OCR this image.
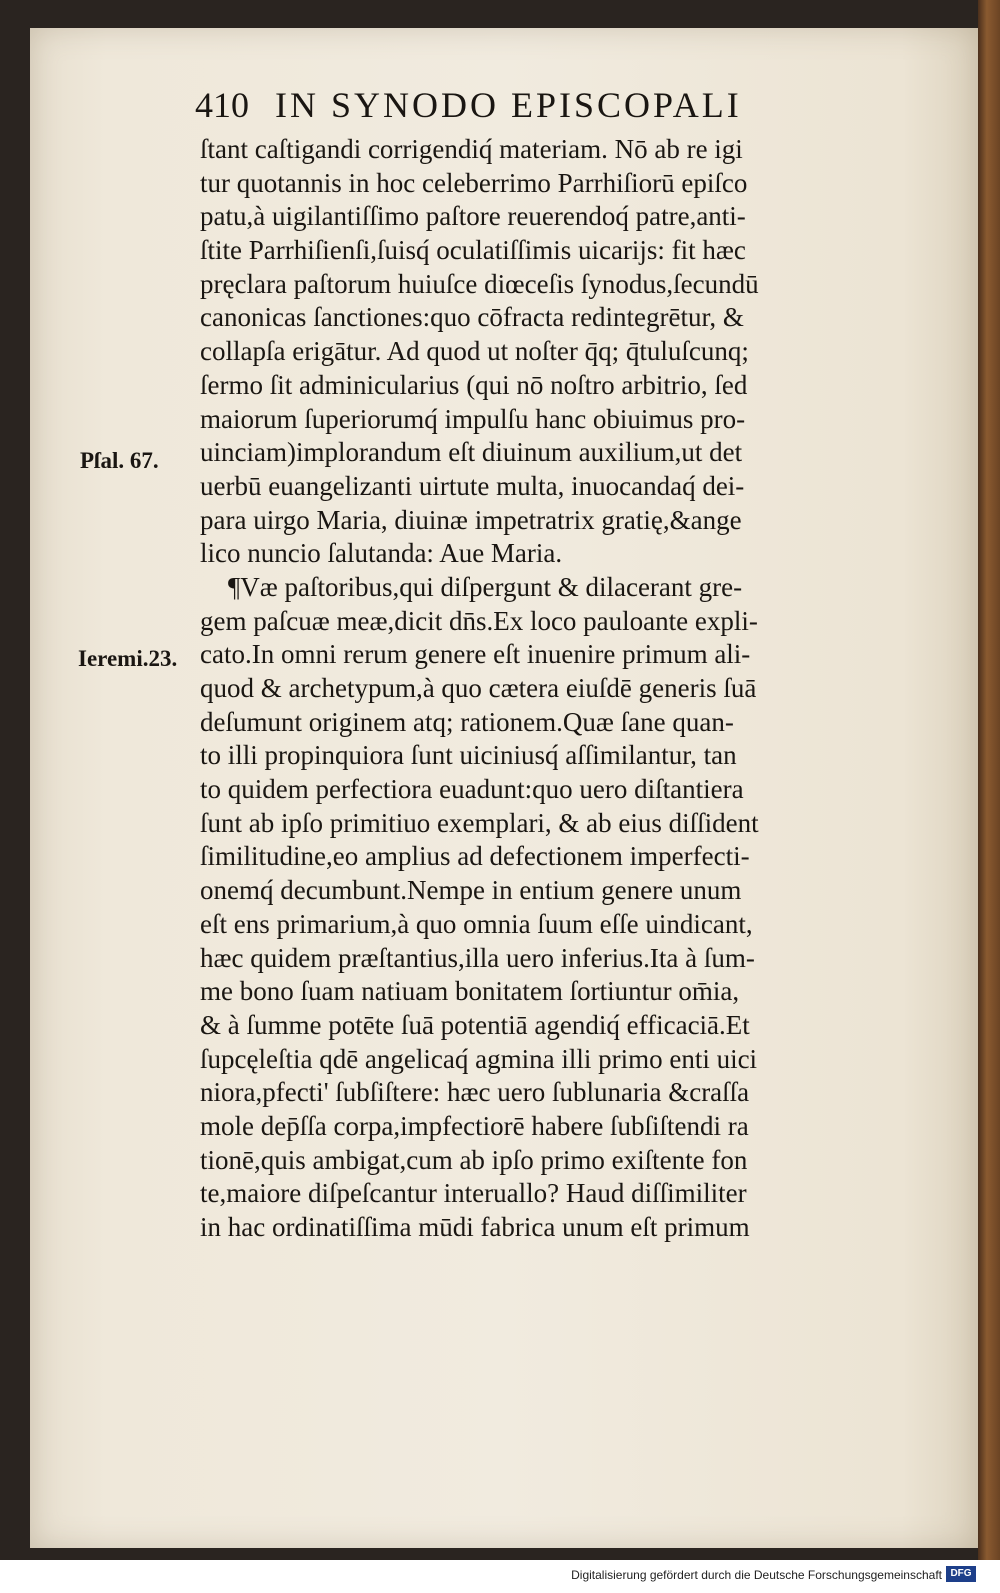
410 IN SYNODO EPISCOPALI
Pſal. 67.
Ieremi.23.
ſtant caſtigandi corrigendiq́ materiam. Nō ab re igi
tur quotannis in hoc celeberrimo Parrhiſiorū epiſco
patu,à uigilantiſſimo paſtore reuerendoq́ patre,anti-
ſtite Parrhiſienſi,ſuisq́ oculatiſſimis uicarijs: fit hæc
pręclara paſtorum huiuſce diœceſis ſynodus,ſecundū
canonicas ſanctiones:quo cōfracta redintegrētur, &
collapſa erigātur. Ad quod ut noſter q̄q; q̄tuluſcunq;
ſermo ſit adminicularius (qui nō noſtro arbitrio, ſed
maiorum ſuperiorumq́ impulſu hanc obiuimus pro-
uinciam)implorandum eſt diuinum auxilium,ut det
uerbū euangelizanti uirtute multa, inuocandaq́ dei-
para uirgo Maria, diuinæ impetratrix gratię,&ange
lico nuncio ſalutanda: Aue Maria.
¶Væ paſtoribus,qui diſpergunt & dilacerant gre-
gem paſcuæ meæ,dicit dn̄s.Ex loco pauloante expli-
cato.In omni rerum genere eſt inuenire primum ali-
quod & archetypum,à quo cætera eiuſdē generis ſuā
deſumunt originem atq; rationem.Quæ ſane quan-
to illi propinquiora ſunt uiciniusq́ aſſimilantur, tan
to quidem perfectiora euadunt:quo uero diſtantiera
ſunt ab ipſo primitiuo exemplari, & ab eius diſſident
ſimilitudine,eo amplius ad defectionem imperfecti-
onemq́ decumbunt.Nempe in entium genere unum
eſt ens primarium,à quo omnia ſuum eſſe uindicant,
hæc quidem præſtantius,illa uero inferius.Ita à ſum-
me bono ſuam natiuam bonitatem ſortiuntur om̄ia,
& à ſumme potēte ſuā potentiā agendiq́ efficaciā.Et
ſupcęleſtia qdē angelicaq́ agmina illi primo enti uici
niora,pfecti' ſubſiſtere: hæc uero ſublunaria &craſſa
mole dep̄ſſa corpa,impfectiorē habere ſubſiſtendi ra
tionē,quis ambigat,cum ab ipſo primo exiſtente fon
te,maiore diſpeſcantur interuallo? Haud diſſimiliter
in hac ordinatiſſima mūdi fabrica unum eſt primum
Digitalisierung gefördert durch die Deutsche Forschungsgemeinschaft DFG
